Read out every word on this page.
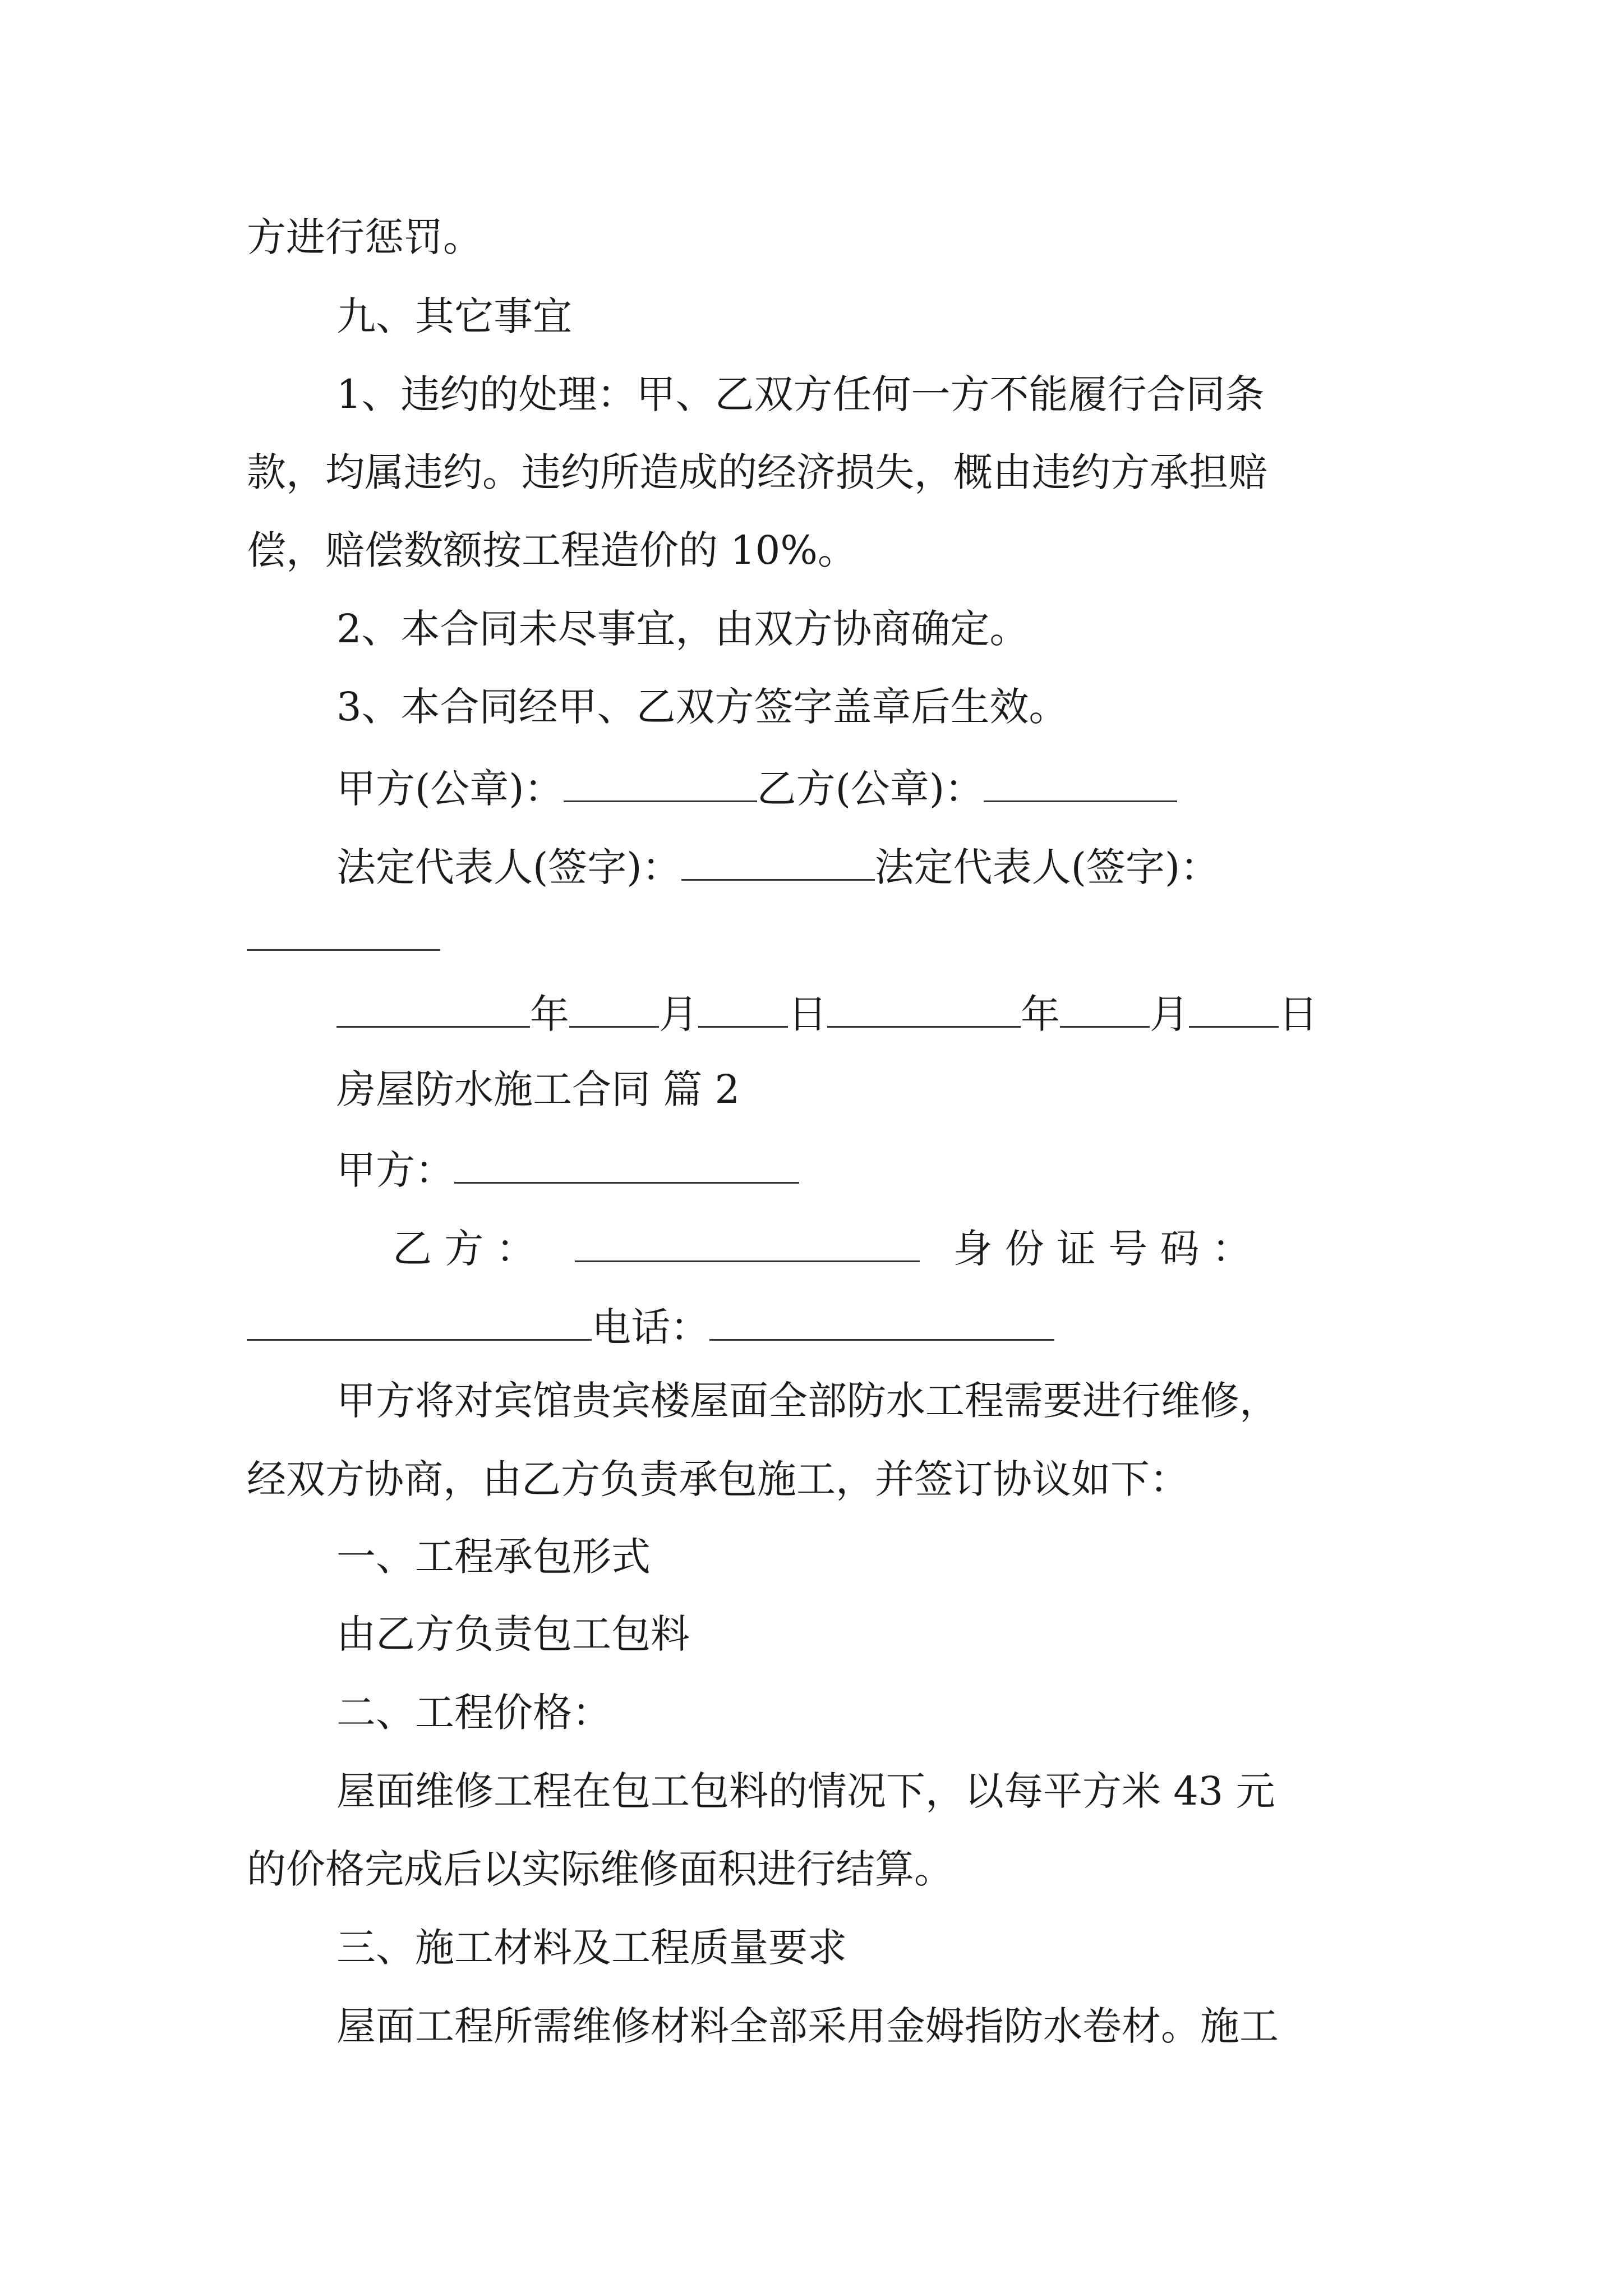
方进行惩罚。
九、其它事宜
1、违约的处理：甲、乙双方任何一方不能履行合同条
款，均属违约。违约所造成的经济损失，概由违约方承担赔
偿，赔偿数额按工程造价的 10%。
2、本合同未尽事宜，由双方协商确定。
3、本合同经甲、乙双方签字盖章后生效。
甲方(公章)：	乙方(公章)：
法定代表人(签字)：	法定代表人(签字)：
年 月 日	年 月 日
房屋防水施工合同 篇 2
甲方：
乙 方 ：	身 份 证 号 码 ：
电话：
甲方将对宾馆贵宾楼屋面全部防水工程需要进行维修，
经双方协商，由乙方负责承包施工，并签订协议如下：
一、工程承包形式
由乙方负责包工包料
二、工程价格：
屋面维修工程在包工包料的情况下，以每平方米 43 元
的价格完成后以实际维修面积进行结算。
三、施工材料及工程质量要求
屋面工程所需维修材料全部采用金姆指防水卷材。施工
